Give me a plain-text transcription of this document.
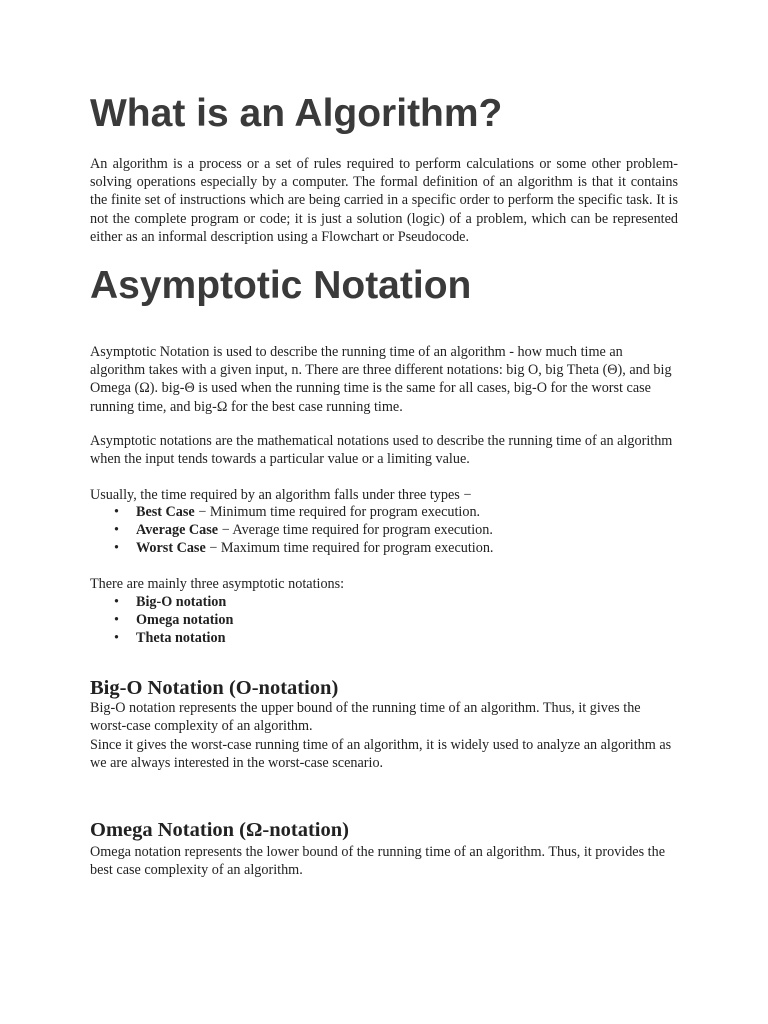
What is an Algorithm?

An algorithm is a process or a set of rules required to perform calculations or some other problem-solving operations especially by a computer. The formal definition of an algorithm is that it contains the finite set of instructions which are being carried in a specific order to perform the specific task. It is not the complete program or code; it is just a solution (logic) of a problem, which can be represented either as an informal description using a Flowchart or Pseudocode.

Asymptotic Notation

Asymptotic Notation is used to describe the running time of an algorithm - how much time an algorithm takes with a given input, n. There are three different notations: big O, big Theta (Θ), and big Omega (Ω). big-Θ is used when the running time is the same for all cases, big-O for the worst case running time, and big-Ω for the best case running time.

Asymptotic notations are the mathematical notations used to describe the running time of an algorithm when the input tends towards a particular value or a limiting value.

Usually, the time required by an algorithm falls under three types −

• Best Case − Minimum time required for program execution.
• Average Case − Average time required for program execution.
• Worst Case − Maximum time required for program execution.

There are mainly three asymptotic notations:

• Big-O notation
• Omega notation
• Theta notation
Big-O Notation (O-notation)

Big-O notation represents the upper bound of the running time of an algorithm. Thus, it gives the worst-case complexity of an algorithm.

Since it gives the worst-case running time of an algorithm, it is widely used to analyze an algorithm as we are always interested in the worst-case scenario.

Omega Notation (Ω-notation)

Omega notation represents the lower bound of the running time of an algorithm. Thus, it provides the best case complexity of an algorithm.
